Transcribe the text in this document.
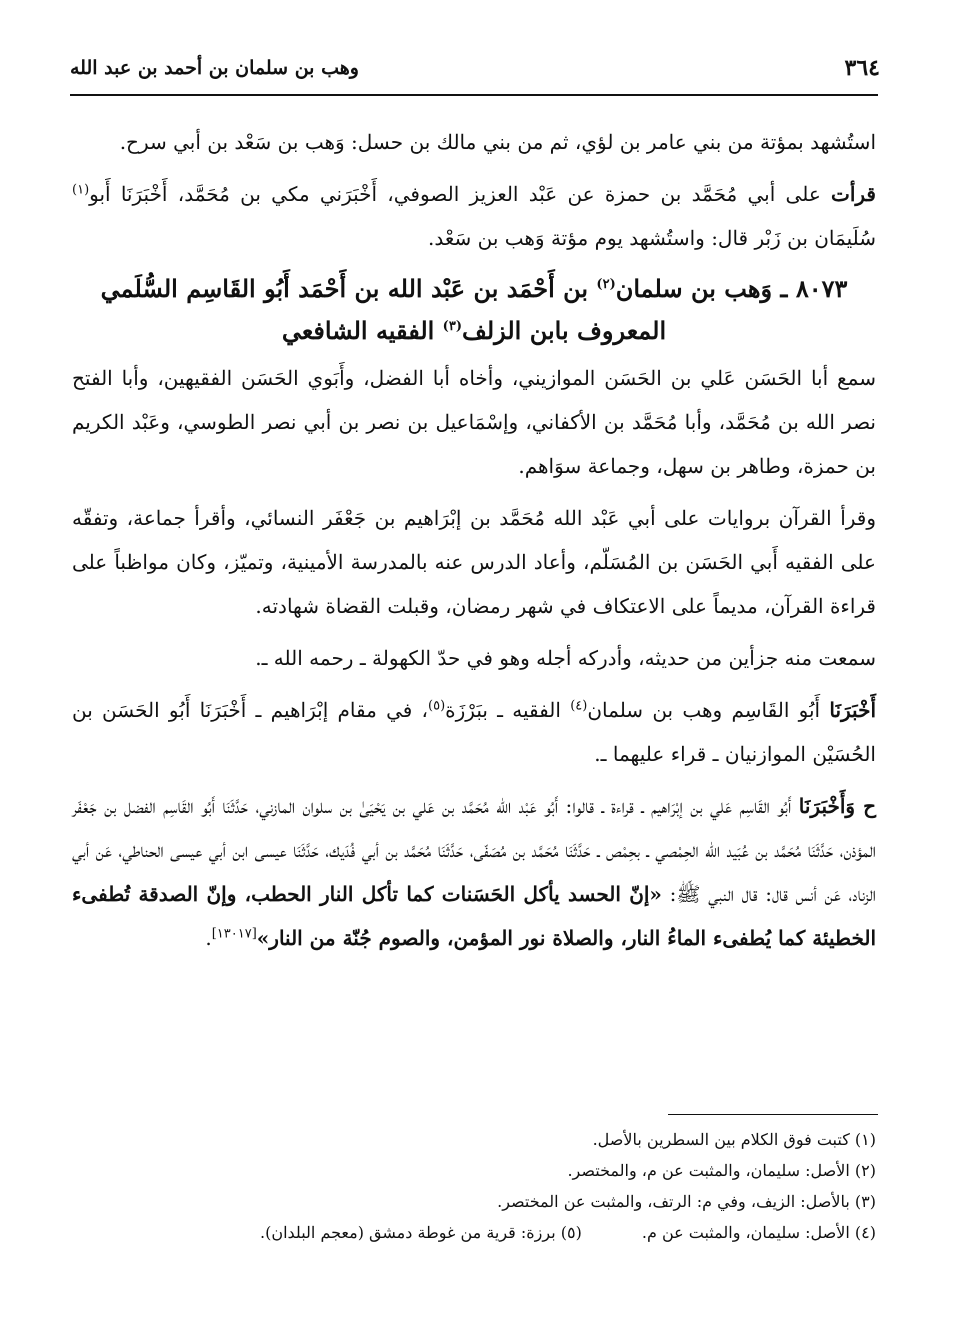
٣٦٤
وهب بن سلمان بن أحمد بن عبد الله

استُشهد بمؤتة من بني عامر بن لؤي، ثم من بني مالك بن حسل: وَهب بن سَعْد بن أبي سرح.

قرأت على أبي مُحَمَّد بن حمزة عن عَبْد العزيز الصوفي، أَخْبَرَني مكي بن مُحَمَّد، أَخْبَرَنَا أَبو$^{(١)}$ سُلَيمَان بن زَبْر قال: واستُشهد يوم مؤتة وَهب بن سَعْد.

٨٠٧٣ ـ وَهب بن سلمان$^{(٢)}$ بن أَحْمَد بن عَبْد الله بن أَحْمَد أَبُو القَاسِم السُّلَمي المعروف بابن الزلف$^{(٣)}$ الفقيه الشافعي

سمع أبا الحَسَن عَلي بن الحَسَن الموازيني، وأخاه أبا الفضل، وأَبَوي الحَسَن الفقيهين، وأبا الفتح نصر الله بن مُحَمَّد، وأبا مُحَمَّد بن الأكفاني، وإسْمَاعيل بن نصر بن أبي نصر الطوسي، وعَبْد الكريم بن حمزة، وطاهر بن سهل، وجماعة سوَاهم.

وقرأ القرآن بروايات على أبي عَبْد الله مُحَمَّد بن إبْرَاهيم بن جَعْفَر النسائي، وأقرأ جماعة، وتفقّه على الفقيه أَبي الحَسَن بن المُسَلّم، وأعاد الدرس عنه بالمدرسة الأمينية، وتميّز، وكان مواظباً على قراءة القرآن، مديماً على الاعتكاف في شهر رمضان، وقبلت القضاة شهادته.

سمعت منه جزأين من حديثه، وأدركه أجله وهو في حدّ الكهولة ـ رحمه الله ـ.

أَخْبَرَنَا أَبُو القَاسِم وهب بن سلمان$^{(٤)}$ الفقيه ـ ببَرْزَة$^{(٥)}$، في مقام إبْرَاهيم ـ أَخْبَرَنَا أَبُو الحَسَن بن الحُسَيْن الموازنيان ـ قراء عليهما ـ.

ح وَأَخْبَرَنَا أَبُو القَاسِم عَلي بن إبْرَاهيم ـ قراءة ـ قالوا: أَبُو عَبْد الله مُحَمَّد بن عَلي بن يَحْيَىٰ بن سلوان المازني، حَدَّثَنَا أَبُو القَاسِم الفضل بن جَعْفَر المؤذن، حَدَّثَنَا مُحَمَّد بن عُبَيد الله الحِمْصي ـ بحِمْص ـ حَدَّثَنَا مُحَمَّد بن مُصَفّى، حَدَّثَنَا مُحَمَّد بن أبي فُدَيك، حَدَّثَنَا عيسى ابن أبي عيسى الحناطي، عَن أبي الزناد، عَن أنس قال: قال النبي ﷺ: «إنّ الحسد يأكل الحَسَنات كما تأكل النار الحطب، وإنّ الصدقة تُطفىء الخطيئة كما يُطفىء الماءُ النار، والصلاة نور المؤمن، والصوم جُنّة من النار»[١٣٠١٧].

(١) كتبت فوق الكلام بين السطرين بالأصل.
(٢) الأصل: سليمان، والمثبت عن م، والمختصر.
(٣) بالأصل: الزيف، وفي م: الرتف، والمثبت عن المختصر.
(٤) الأصل: سليمان، والمثبت عن م.
(٥) برزة: قرية من غوطة دمشق (معجم البلدان).
